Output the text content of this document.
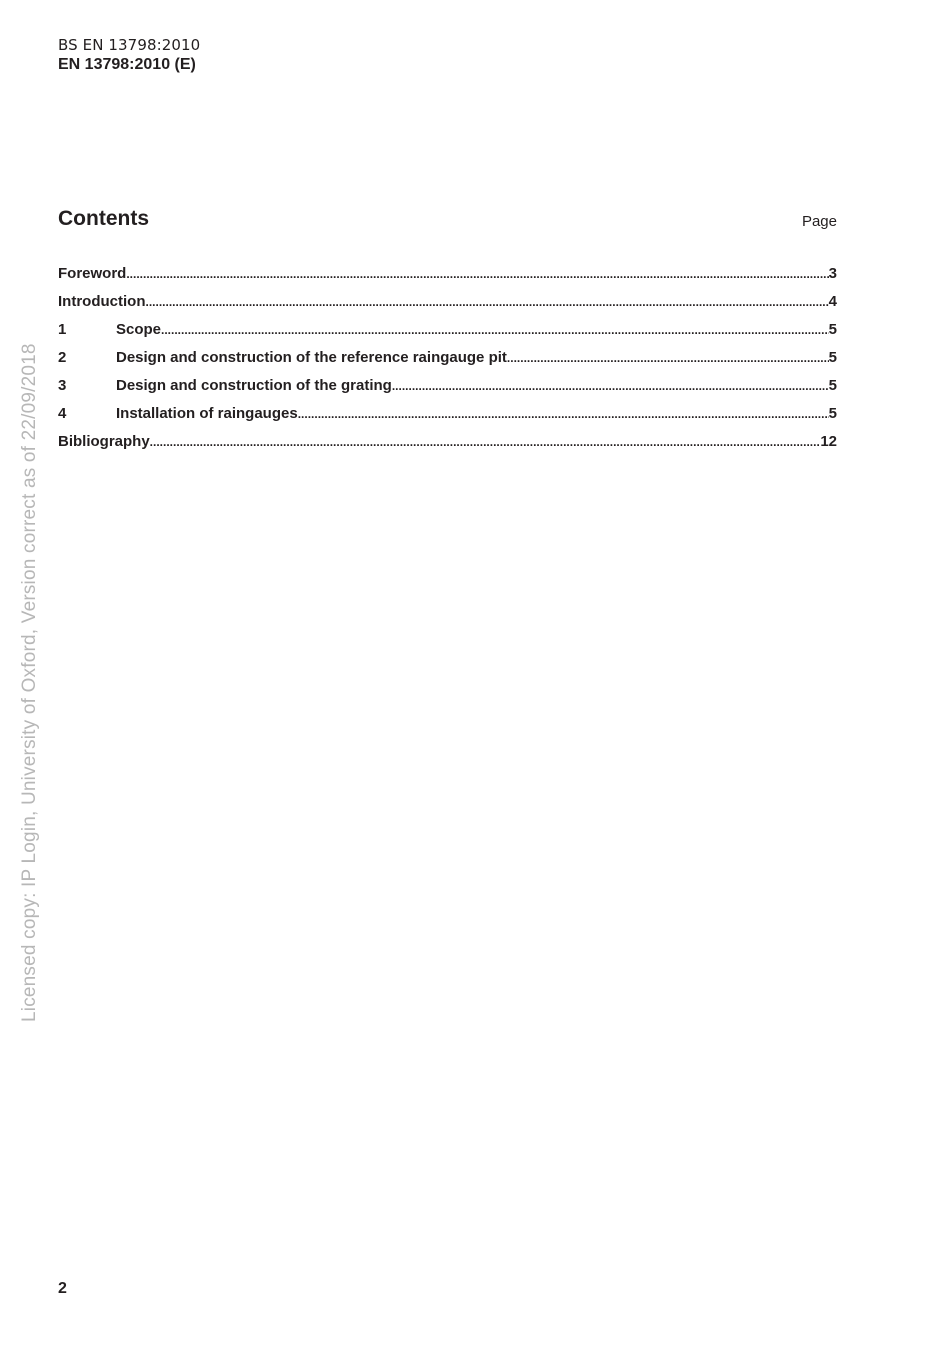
BS EN 13798:2010
EN 13798:2010 (E)
Contents	Page
Foreword .....	3
Introduction .....	4
1	Scope .....	5
2	Design and construction of the reference raingauge pit .....	5
3	Design and construction of the grating .....	5
4	Installation of raingauges .....	5
Bibliography .....	12
Licensed copy: IP Login, University of Oxford, Version correct as of 22/09/2018
2
